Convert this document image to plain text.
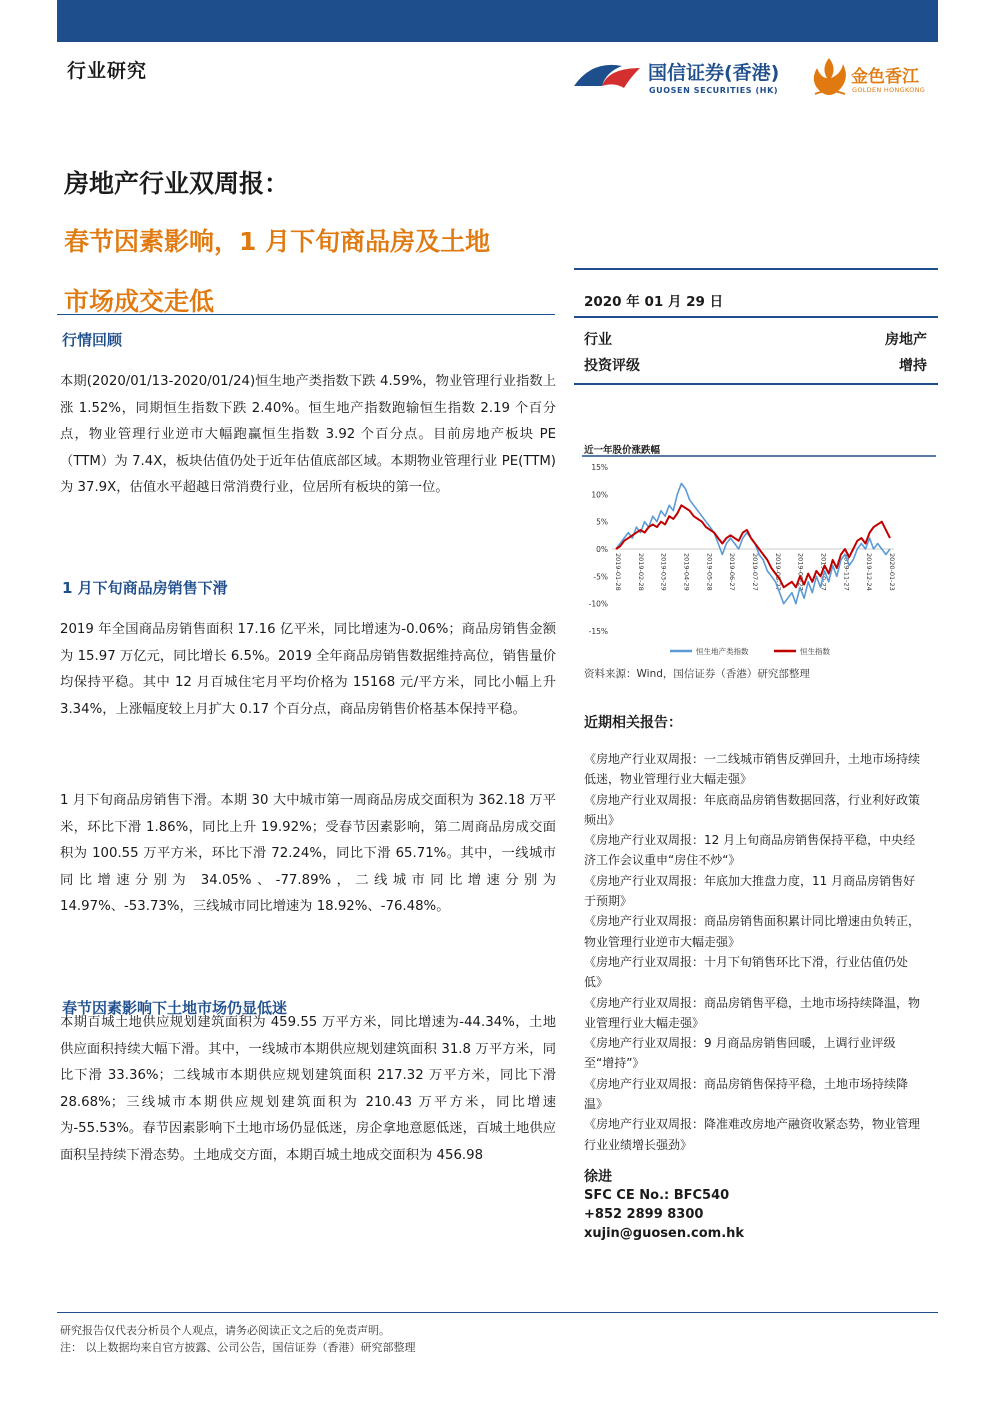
行业研究	国信证券(香港)
GUOSEN SECURITIES (HK)
金色香江
GOLDEN HONGKONG
房地产行业双周报：
春节因素影响，1 月下旬商品房及土地
市场成交走低
行情回顾
本期(2020/01/13-2020/01/24)恒生地产类指数下跌 4.59%，物业管理行业指数上涨 1.52%，同期恒生指数下跌 2.40%。恒生地产指数跑输恒生指数 2.19 个百分点，物业管理行业逆市大幅跑赢恒生指数 3.92 个百分点。目前房地产板块 PE（TTM）为 7.4X，板块估值仍处于近年估值底部区域。本期物业管理行业 PE(TTM)为 37.9X，估值水平超越日常消费行业，位居所有板块的第一位。
1 月下旬商品房销售下滑
2019 年全国商品房销售面积 17.16 亿平米，同比增速为-0.06%；商品房销售金额为 15.97 万亿元，同比增长 6.5%。2019 全年商品房销售数据维持高位，销售量价均保持平稳。其中 12 月百城住宅月平均价格为 15168 元/平方米，同比小幅上升 3.34%，上涨幅度较上月扩大 0.17 个百分点，商品房销售价格基本保持平稳。
1 月下旬商品房销售下滑。本期 30 大中城市第一周商品房成交面积为 362.18 万平米，环比下滑 1.86%，同比上升 19.92%；受春节因素影响，第二周商品房成交面积为 100.55 万平方米，环比下滑 72.24%，同比下滑 65.71%。其中，一线城市同比增速分别为 34.05%、-77.89%，二线城市同比增速分别为 14.97%、-53.73%，三线城市同比增速为 18.92%、-76.48%。
春节因素影响下土地市场仍显低迷
本期百城土地供应规划建筑面积为 459.55 万平方米，同比增速为-44.34%，土地供应面积持续大幅下滑。其中，一线城市本期供应规划建筑面积 31.8 万平方米，同比下滑 33.36%；二线城市本期供应规划建筑面积 217.32 万平方米，同比下滑 28.68%；三线城市本期供应规划建筑面积为 210.43 万平方米，同比增速为-55.53%。春节因素影响下土地市场仍显低迷，房企拿地意愿低迷，百城土地供应面积呈持续下滑态势。土地成交方面，本期百城土地成交面积为 456.98
2020 年 01 月 29 日
行业	房地产
投资评级	增持
近一年股价涨跌幅
15%
10%
5%
0%
-5%
-10%
-15%
2019-01-28 2019-02-28 2019-03-29 2019-04-29 2019-05-28 2019-06-27 2019-07-27 2019-08-27 2019-09-27 2019-10-27 2019-11-27 2019-12-24 2020-01-23
恒生地产类指数	恒生指数
资料来源：Wind，国信证券（香港）研究部整理
近期相关报告：
《房地产行业双周报：一二线城市销售反弹回升，土地市场持续低迷，物业管理行业大幅走强》
《房地产行业双周报：年底商品房销售数据回落，行业利好政策频出》
《房地产行业双周报：12 月上旬商品房销售保持平稳，中央经济工作会议重申“房住不炒“》
《房地产行业双周报：年底加大推盘力度，11 月商品房销售好于预期》
《房地产行业双周报：商品房销售面积累计同比增速由负转正，物业管理行业逆市大幅走强》
《房地产行业双周报：十月下旬销售环比下滑，行业估值仍处低》
《房地产行业双周报：商品房销售平稳，土地市场持续降温，物业管理行业大幅走强》
《房地产行业双周报：9 月商品房销售回暖，上调行业评级至“增持”》
《房地产行业双周报：商品房销售保持平稳，土地市场持续降温》
《房地产行业双周报：降准难改房地产融资收紧态势，物业管理行业业绩增长强劲》
徐进
SFC CE No.: BFC540
+852 2899 8300
xujin@guosen.com.hk
研究报告仅代表分析员个人观点，请务必阅读正文之后的免责声明。
注： 以上数据均来自官方披露、公司公告，国信证券（香港）研究部整理
